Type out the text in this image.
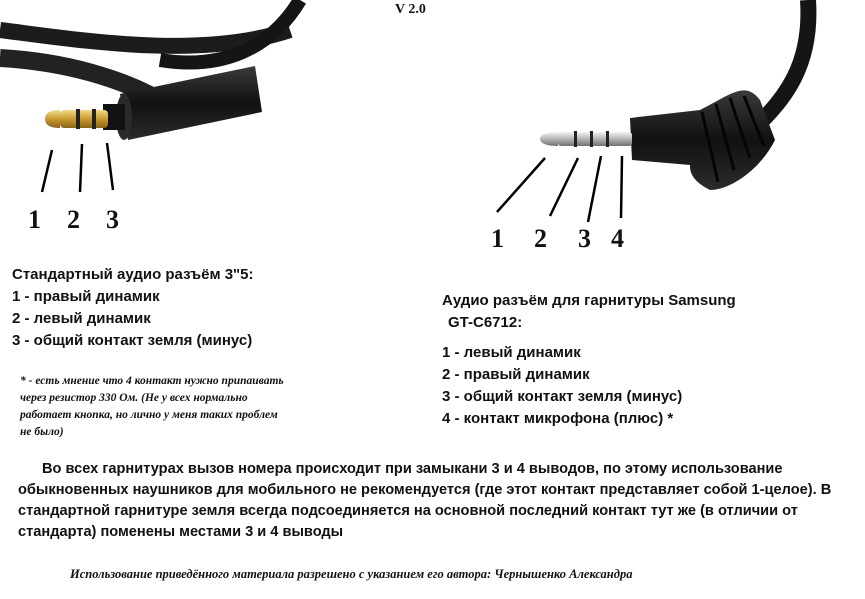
V 2.0
1 2 3
1 2 3 4
Стандартный аудио разъём 3"5:
1 - правый динамик
2 - левый динамик
3 - общий контакт земля (минус)
* - есть мнение что 4 контакт нужно припаивать
через резистор 330 Ом. (Не у всех нормально
работает кнопка, но лично у меня таких проблем
не было)
Аудио разъём для гарнитуры Samsung
GT-C6712:
1 - левый динамик
2 - правый динамик
3 - общий контакт земля (минус)
4 - контакт микрофона (плюс) *
Во всех гарнитурах вызов номера происходит при замыкани 3 и 4 выводов, по этому использование обыкновенных наушников для мобильного не рекомендуется (где этот контакт представляет собой 1-целое). В стандартной гарнитуре земля всегда подсоединяется на основной последний контакт тут же (в отличии от стандарта) поменены местами 3 и 4 выводы
Использование приведённого материала разрешено с указанием его автора: Чернышенко Александра
